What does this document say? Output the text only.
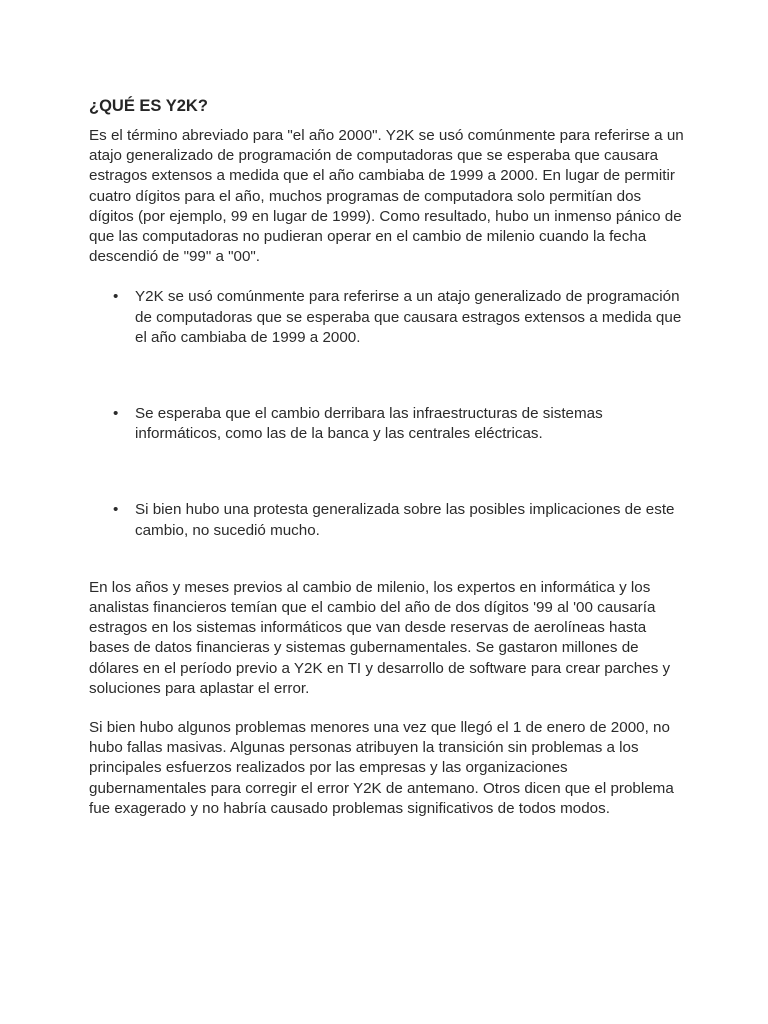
¿QUÉ ES Y2K?

Es el término abreviado para "el año 2000". Y2K se usó comúnmente para referirse a un atajo generalizado de programación de computadoras que se esperaba que causara estragos extensos a medida que el año cambiaba de 1999 a 2000. En lugar de permitir cuatro dígitos para el año, muchos programas de computadora solo permitían dos dígitos (por ejemplo, 99 en lugar de 1999). Como resultado, hubo un inmenso pánico de que las computadoras no pudieran operar en el cambio de milenio cuando la fecha descendió de "99" a "00".

• Y2K se usó comúnmente para referirse a un atajo generalizado de programación de computadoras que se esperaba que causara estragos extensos a medida que el año cambiaba de 1999 a 2000.
• Se esperaba que el cambio derribara las infraestructuras de sistemas informáticos, como las de la banca y las centrales eléctricas.
• Si bien hubo una protesta generalizada sobre las posibles implicaciones de este cambio, no sucedió mucho.

En los años y meses previos al cambio de milenio, los expertos en informática y los analistas financieros temían que el cambio del año de dos dígitos '99 al '00 causaría estragos en los sistemas informáticos que van desde reservas de aerolíneas hasta bases de datos financieras y sistemas gubernamentales. Se gastaron millones de dólares en el período previo a Y2K en TI y desarrollo de software para crear parches y soluciones para aplastar el error.

Si bien hubo algunos problemas menores una vez que llegó el 1 de enero de 2000, no hubo fallas masivas. Algunas personas atribuyen la transición sin problemas a los principales esfuerzos realizados por las empresas y las organizaciones gubernamentales para corregir el error Y2K de antemano. Otros dicen que el problema fue exagerado y no habría causado problemas significativos de todos modos.
